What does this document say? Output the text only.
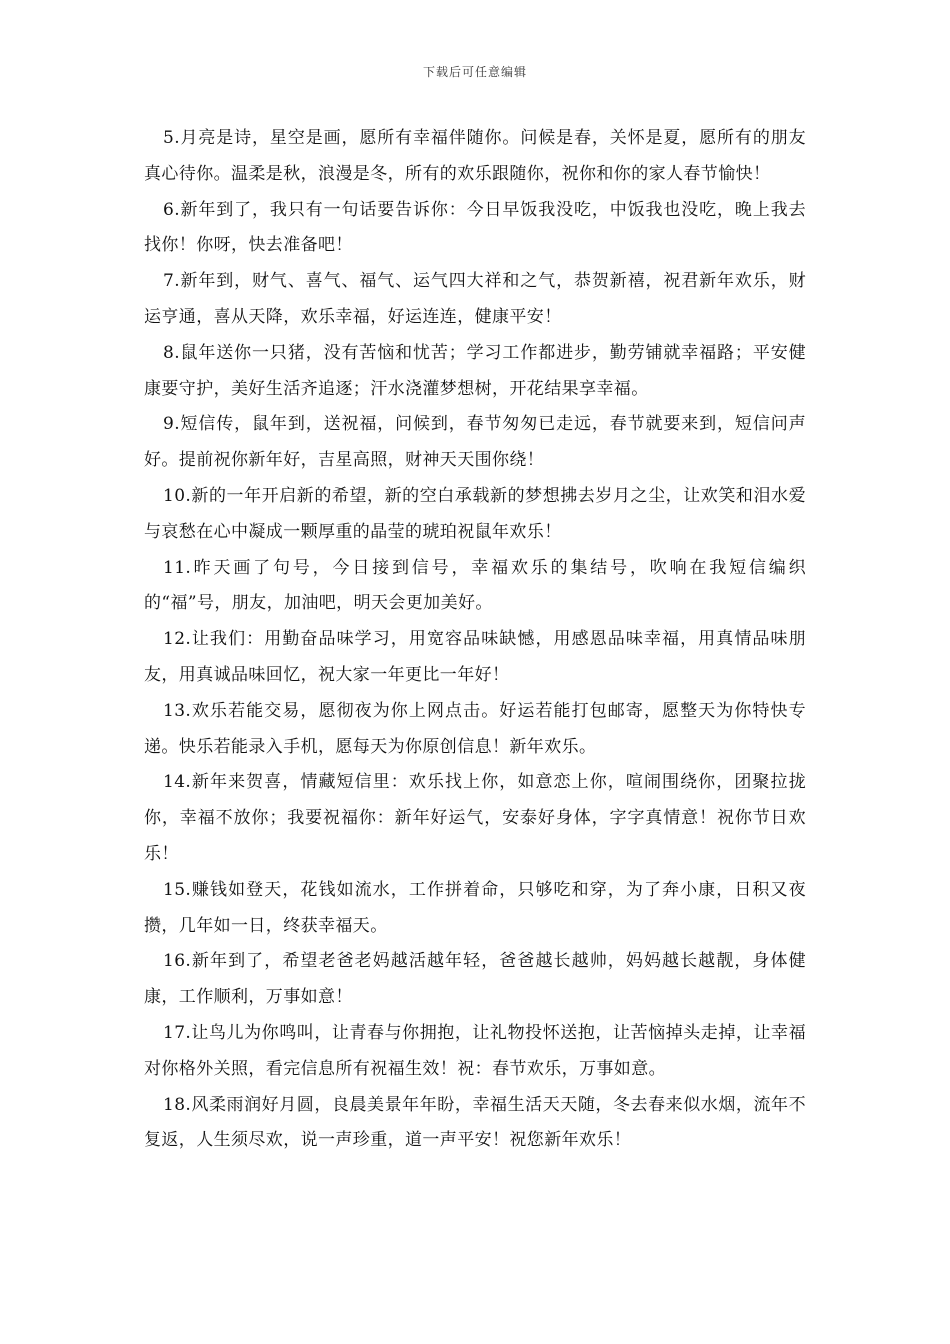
下载后可任意编辑

5.月亮是诗，星空是画，愿所有幸福伴随你。问候是春，关怀是夏，愿所有的朋友真心待你。温柔是秋，浪漫是冬，所有的欢乐跟随你，祝你和你的家人春节愉快！

6.新年到了，我只有一句话要告诉你：今日早饭我没吃，中饭我也没吃，晚上我去找你！你呀，快去准备吧！

7.新年到，财气、喜气、福气、运气四大祥和之气，恭贺新禧，祝君新年欢乐，财运亨通，喜从天降，欢乐幸福，好运连连，健康平安！

8.鼠年送你一只猪，没有苦恼和忧苦；学习工作都进步，勤劳铺就幸福路；平安健康要守护，美好生活齐追逐；汗水浇灌梦想树，开花结果享幸福。

9.短信传，鼠年到，送祝福，问候到，春节匆匆已走远，春节就要来到，短信问声好。提前祝你新年好，吉星高照，财神天天围你绕！

10.新的一年开启新的希望，新的空白承载新的梦想拂去岁月之尘，让欢笑和泪水爱与哀愁在心中凝成一颗厚重的晶莹的琥珀祝鼠年欢乐！

11.昨天画了句号，今日接到信号，幸福欢乐的集结号，吹响在我短信编织的“福”号，朋友，加油吧，明天会更加美好。

12.让我们：用勤奋品味学习，用宽容品味缺憾，用感恩品味幸福，用真情品味朋友，用真诚品味回忆，祝大家一年更比一年好！

13.欢乐若能交易，愿彻夜为你上网点击。好运若能打包邮寄，愿整天为你特快专递。快乐若能录入手机，愿每天为你原创信息！新年欢乐。

14.新年来贺喜，情藏短信里：欢乐找上你，如意恋上你，喧闹围绕你，团聚拉拢你，幸福不放你；我要祝福你：新年好运气，安泰好身体，字字真情意！祝你节日欢乐！

15.赚钱如登天，花钱如流水，工作拼着命，只够吃和穿，为了奔小康，日积又夜攒，几年如一日，终获幸福天。

16.新年到了，希望老爸老妈越活越年轻，爸爸越长越帅，妈妈越长越靓，身体健康，工作顺利，万事如意！

17.让鸟儿为你鸣叫，让青春与你拥抱，让礼物投怀送抱，让苦恼掉头走掉，让幸福对你格外关照，看完信息所有祝福生效！祝：春节欢乐，万事如意。

18.风柔雨润好月圆，良晨美景年年盼，幸福生活天天随，冬去春来似水烟，流年不复返，人生须尽欢，说一声珍重，道一声平安！祝您新年欢乐！
